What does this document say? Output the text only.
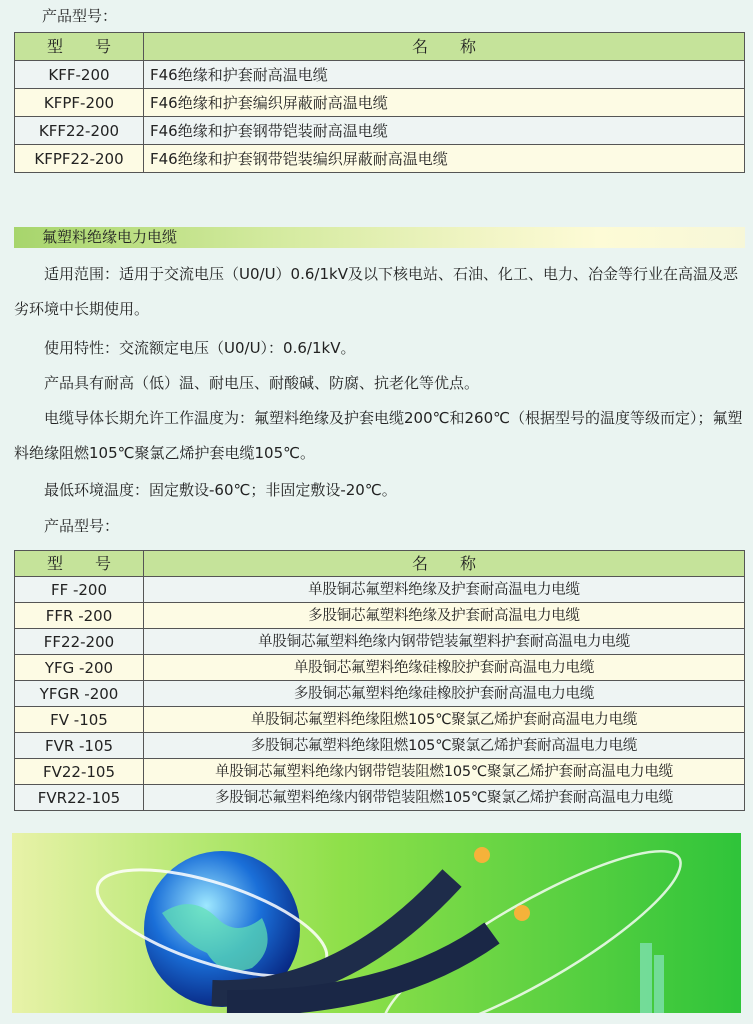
产品型号：
型　　号	名　　称
KFF-200	F46绝缘和护套耐高温电缆
KFPF-200	F46绝缘和护套编织屏蔽耐高温电缆
KFF22-200	F46绝缘和护套钢带铠装耐高温电缆
KFPF22-200	F46绝缘和护套钢带铠装编织屏蔽耐高温电缆
氟塑料绝缘电力电缆
适用范围：适用于交流电压（U0/U）0.6/1kV及以下核电站、石油、化工、电力、冶金等行业在高温及恶劣环境中长期使用。
使用特性：交流额定电压（U0/U）：0.6/1kV。
产品具有耐高（低）温、耐电压、耐酸碱、防腐、抗老化等优点。
电缆导体长期允许工作温度为：氟塑料绝缘及护套电缆200℃和260℃（根据型号的温度等级而定）；氟塑料绝缘阻燃105℃聚氯乙烯护套电缆105℃。
最低环境温度：固定敷设-60℃；非固定敷设-20℃。
产品型号：
型　　号	名　　称
FF -200	单股铜芯氟塑料绝缘及护套耐高温电力电缆
FFR -200	多股铜芯氟塑料绝缘及护套耐高温电力电缆
FF22-200	单股铜芯氟塑料绝缘内钢带铠装氟塑料护套耐高温电力电缆
YFG -200	单股铜芯氟塑料绝缘硅橡胶护套耐高温电力电缆
YFGR -200	多股铜芯氟塑料绝缘硅橡胶护套耐高温电力电缆
FV -105	单股铜芯氟塑料绝缘阻燃105℃聚氯乙烯护套耐高温电力电缆
FVR -105	多股铜芯氟塑料绝缘阻燃105℃聚氯乙烯护套耐高温电力电缆
FV22-105	单股铜芯氟塑料绝缘内钢带铠装阻燃105℃聚氯乙烯护套耐高温电力电缆
FVR22-105	多股铜芯氟塑料绝缘内钢带铠装阻燃105℃聚氯乙烯护套耐高温电力电缆
